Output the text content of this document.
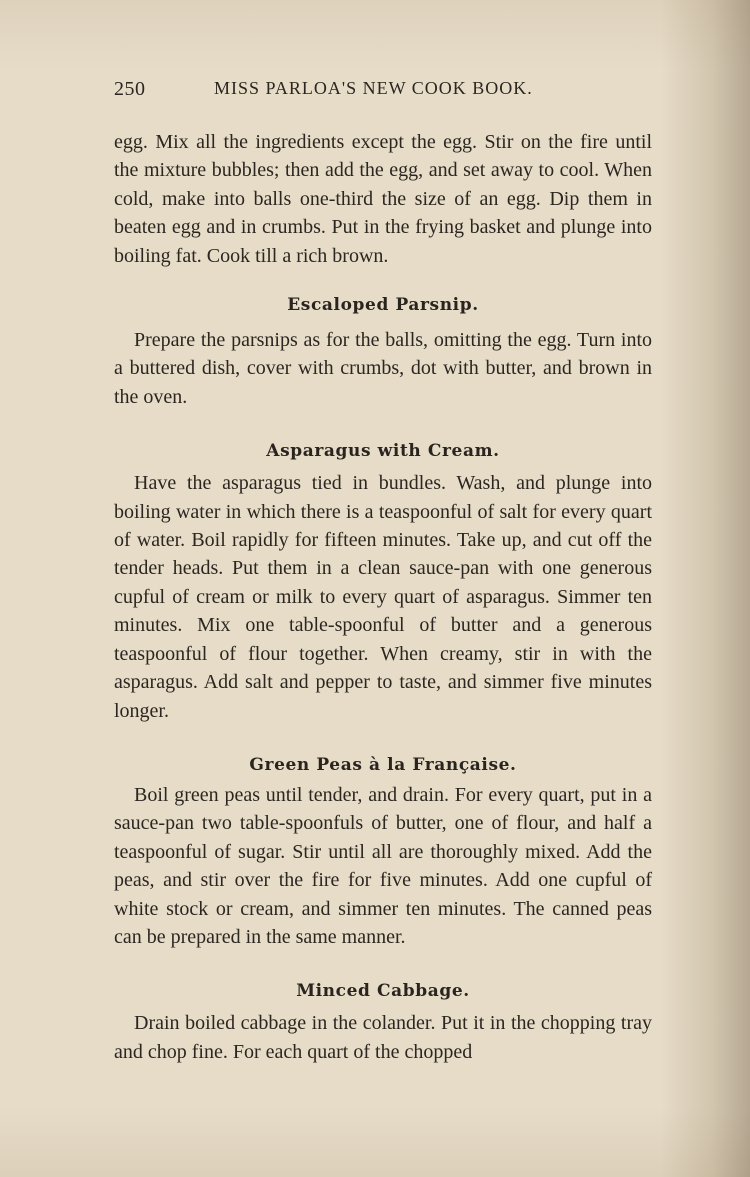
250	MISS PARLOA'S NEW COOK BOOK.

egg. Mix all the ingredients except the egg. Stir on the fire until the mixture bubbles; then add the egg, and set away to cool. When cold, make into balls one-third the size of an egg. Dip them in beaten egg and in crumbs. Put in the frying basket and plunge into boiling fat. Cook till a rich brown.

Escaloped Parsnip.

Prepare the parsnips as for the balls, omitting the egg. Turn into a buttered dish, cover with crumbs, dot with butter, and brown in the oven.

Asparagus with Cream.

Have the asparagus tied in bundles. Wash, and plunge into boiling water in which there is a teaspoonful of salt for every quart of water. Boil rapidly for fifteen minutes. Take up, and cut off the tender heads. Put them in a clean sauce-pan with one generous cupful of cream or milk to every quart of asparagus. Simmer ten minutes. Mix one table-spoonful of butter and a generous teaspoonful of flour together. When creamy, stir in with the asparagus. Add salt and pepper to taste, and simmer five minutes longer.

Green Peas à la Française.

Boil green peas until tender, and drain. For every quart, put in a sauce-pan two table-spoonfuls of butter, one of flour, and half a teaspoonful of sugar. Stir until all are thoroughly mixed. Add the peas, and stir over the fire for five minutes. Add one cupful of white stock or cream, and simmer ten minutes. The canned peas can be prepared in the same manner.

Minced Cabbage.

Drain boiled cabbage in the colander. Put it in the chopping tray and chop fine. For each quart of the chopped
